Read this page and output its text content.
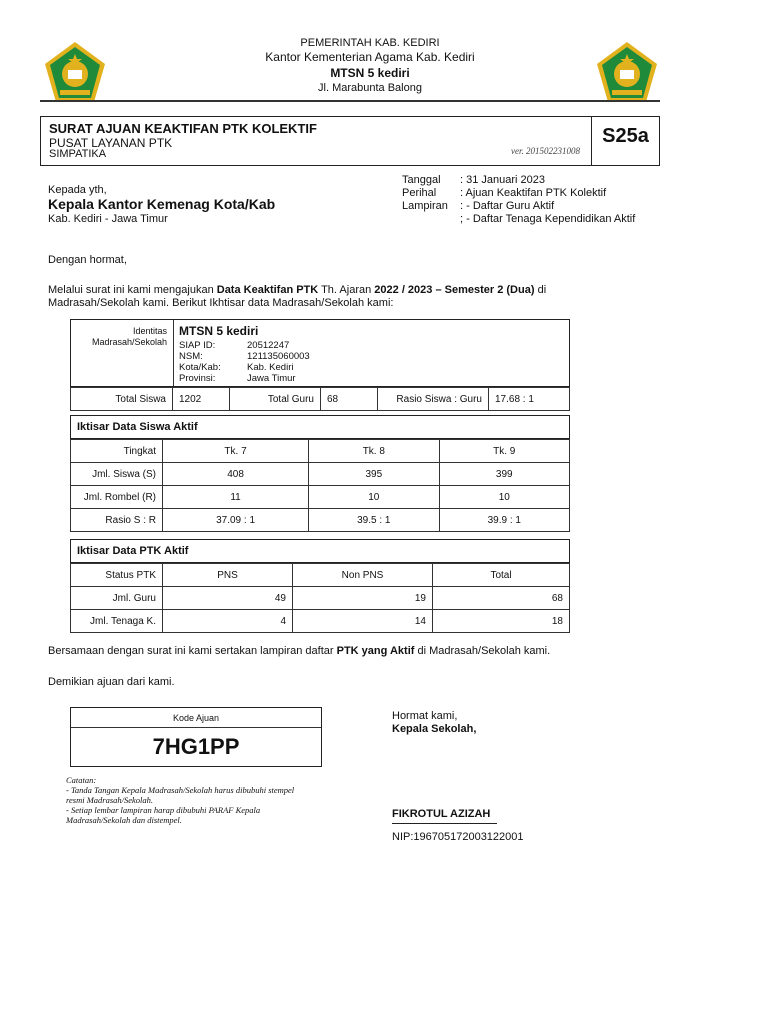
PEMERINTAH KAB. KEDIRI
Kantor Kementerian Agama Kab. Kediri
MTSN 5 kediri
Jl. Marabunta Balong
SURAT AJUAN KEAKTIFAN PTK KOLEKTIF
PUSAT LAYANAN PTK
SIMPATIKA	ver. 201502231008
S25a
Tanggal : 31 Januari 2023
Perihal : Ajuan Keaktifan PTK Kolektif
Lampiran : - Daftar Guru Aktif
; - Daftar Tenaga Kependidikan Aktif
Kepada yth,
Kepala Kantor Kemenag Kota/Kab
Kab. Kediri - Jawa Timur
Dengan hormat,
Melalui surat ini kami mengajukan Data Keaktifan PTK Th. Ajaran 2022 / 2023 – Semester 2 (Dua) di
Madrasah/Sekolah kami. Berikut Ikhtisar data Madrasah/Sekolah kami:
Identitas
Madrasah/Sekolah
MTSN 5 kediri
SIAP ID:	20512247
NSM:	121135060003
Kota/Kab:	Kab. Kediri
Provinsi:	Jawa Timur
Total Siswa	1202	Total Guru	68	Rasio Siswa : Guru	17.68 : 1
Iktisar Data Siswa Aktif
Tingkat	Tk. 7	Tk. 8	Tk. 9
Jml. Siswa (S)	408	395	399
Jml. Rombel (R)	11	10	10
Rasio S : R	37.09 : 1	39.5 : 1	39.9 : 1
Iktisar Data PTK Aktif
Status PTK	PNS	Non PNS	Total
Jml. Guru	49	19	68
Jml. Tenaga K.	4	14	18
Bersamaan dengan surat ini kami sertakan lampiran daftar PTK yang Aktif di Madrasah/Sekolah kami.
Demikian ajuan dari kami.
Kode Ajuan
7HG1PP
Catatan:
- Tanda Tangan Kepala Madrasah/Sekolah harus dibubuhi stempel
resmi Madrasah/Sekolah.
- Setiap lembar lampiran harap dibubuhi PARAF Kepala
Madrasah/Sekolah dan distempel.
Hormat kami,
Kepala Sekolah,
FIKROTUL AZIZAH
NIP:196705172003122001
